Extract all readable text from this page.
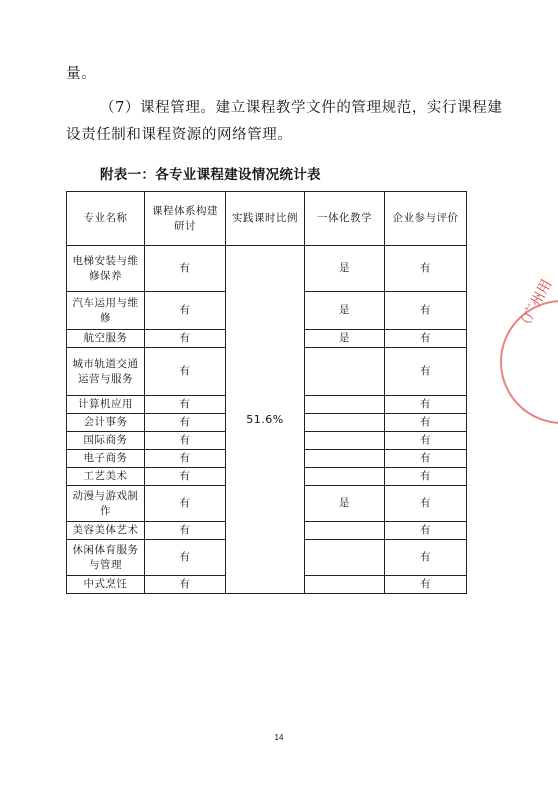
量。
（7）课程管理。建立课程教学文件的管理规范，实行课程建
设责任制和课程资源的网络管理。
附表一：各专业课程建设情况统计表
专业名称	课程体系构建研讨	实践课时比例	一体化教学	企业参与评价
电梯安装与维修保养	有	51.6%	是	有
汽车运用与维 修	有		是	有
航空服务	有		是	有
城市轨道交通 运营与服务	有			有
计算机应用	有			有
会计事务	有			有
国际商务	有			有
电子商务	有			有
工艺美术	有			有
动漫与游戏制 作	有		是	有
美容美体艺术	有			有
休闲体育服务 与管理	有			有
中式烹饪	有			有
（广州用
14
